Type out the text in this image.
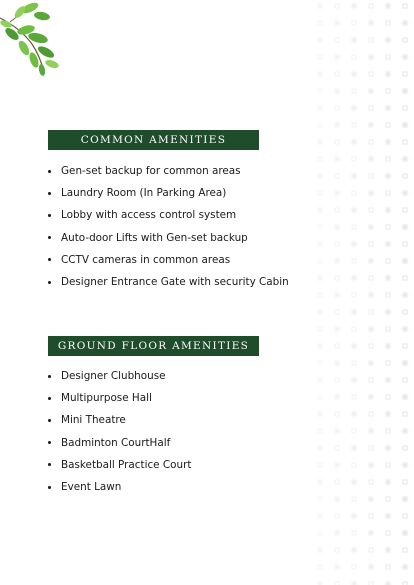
COMMON AMENITIES
Gen-set backup for common areas
Laundry Room (In Parking Area)
Lobby with access control system
Auto-door Lifts with Gen-set backup
CCTV cameras in common areas
Designer Entrance Gate with security Cabin
GROUND FLOOR AMENITIES
Designer Clubhouse
Multipurpose Hall
Mini Theatre
Badminton CourtHalf
Basketball Practice Court
Event Lawn
